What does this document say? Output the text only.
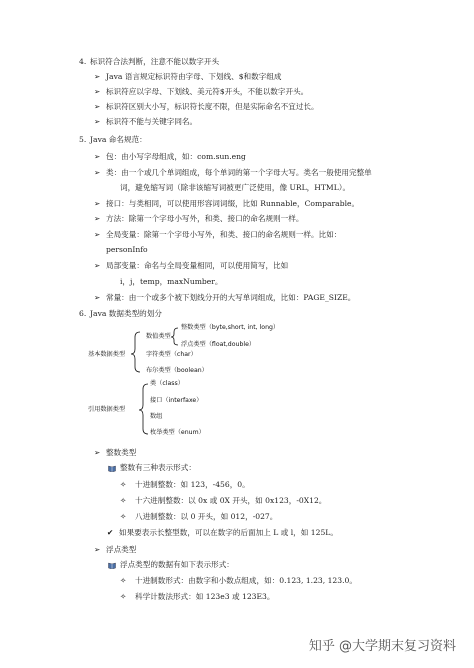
4. 标识符合法判断，注意不能以数字开头
➢ Java 语言规定标识符由字母、下划线、$和数字组成
➢ 标识符应以字母、下划线、美元符$开头，不能以数字开头。
➢ 标识符区别大小写，标识符长度不限，但是实际命名不宜过长。
➢ 标识符不能与关键字同名。
5. Java 命名规范：
➢ 包：由小写字母组成，如：com.sun.eng
➢ 类：由一个或几个单词组成，每个单词的第一个字母大写。类名一般使用完整单
词，避免缩写词（除非该缩写词被更广泛使用，像 URL，HTML）。
➢ 接口：与类相同，可以使用形容词词缀，比如 Runnable，Comparable。
➢ 方法：除第一个字母小写外，和类、接口的命名规则一样。
➢ 全局变量：除第一个字母小写外，和类、接口的命名规则一样。比如：
personInfo
➢ 局部变量：命名与全局变量相同，可以使用简写，比如
i，j，temp，maxNumber。
➢ 常量：由一个或多个被下划线分开的大写单词组成，比如：PAGE_SIZE。
6. Java 数据类型的划分
基本数据类型
数值类型
整数类型（byte,short, int, long）
浮点类型（float,double）
字符类型（char）
布尔类型（boolean）
引用数据类型
类（class）
接口（interfaxe）
数组
枚举类型（enum）
➢ 整数类型
整数有三种表示形式：
✧ 十进制整数：如 123，-456，0。
✧ 十六进制整数：以 0x 或 0X 开头，如 0x123，-0X12。
✧ 八进制整数：以 0 开头，如 012，-027。
✔ 如果要表示长整型数，可以在数字的后面加上 L 或 l，如 125L。
➢ 浮点类型
浮点类型的数据有如下表示形式：
✧ 十进制数形式：由数字和小数点组成，如：0.123, 1.23, 123.0。
✧ 科学计数法形式：如 123e3 或 123E3。
知乎 @大学期末复习资料
